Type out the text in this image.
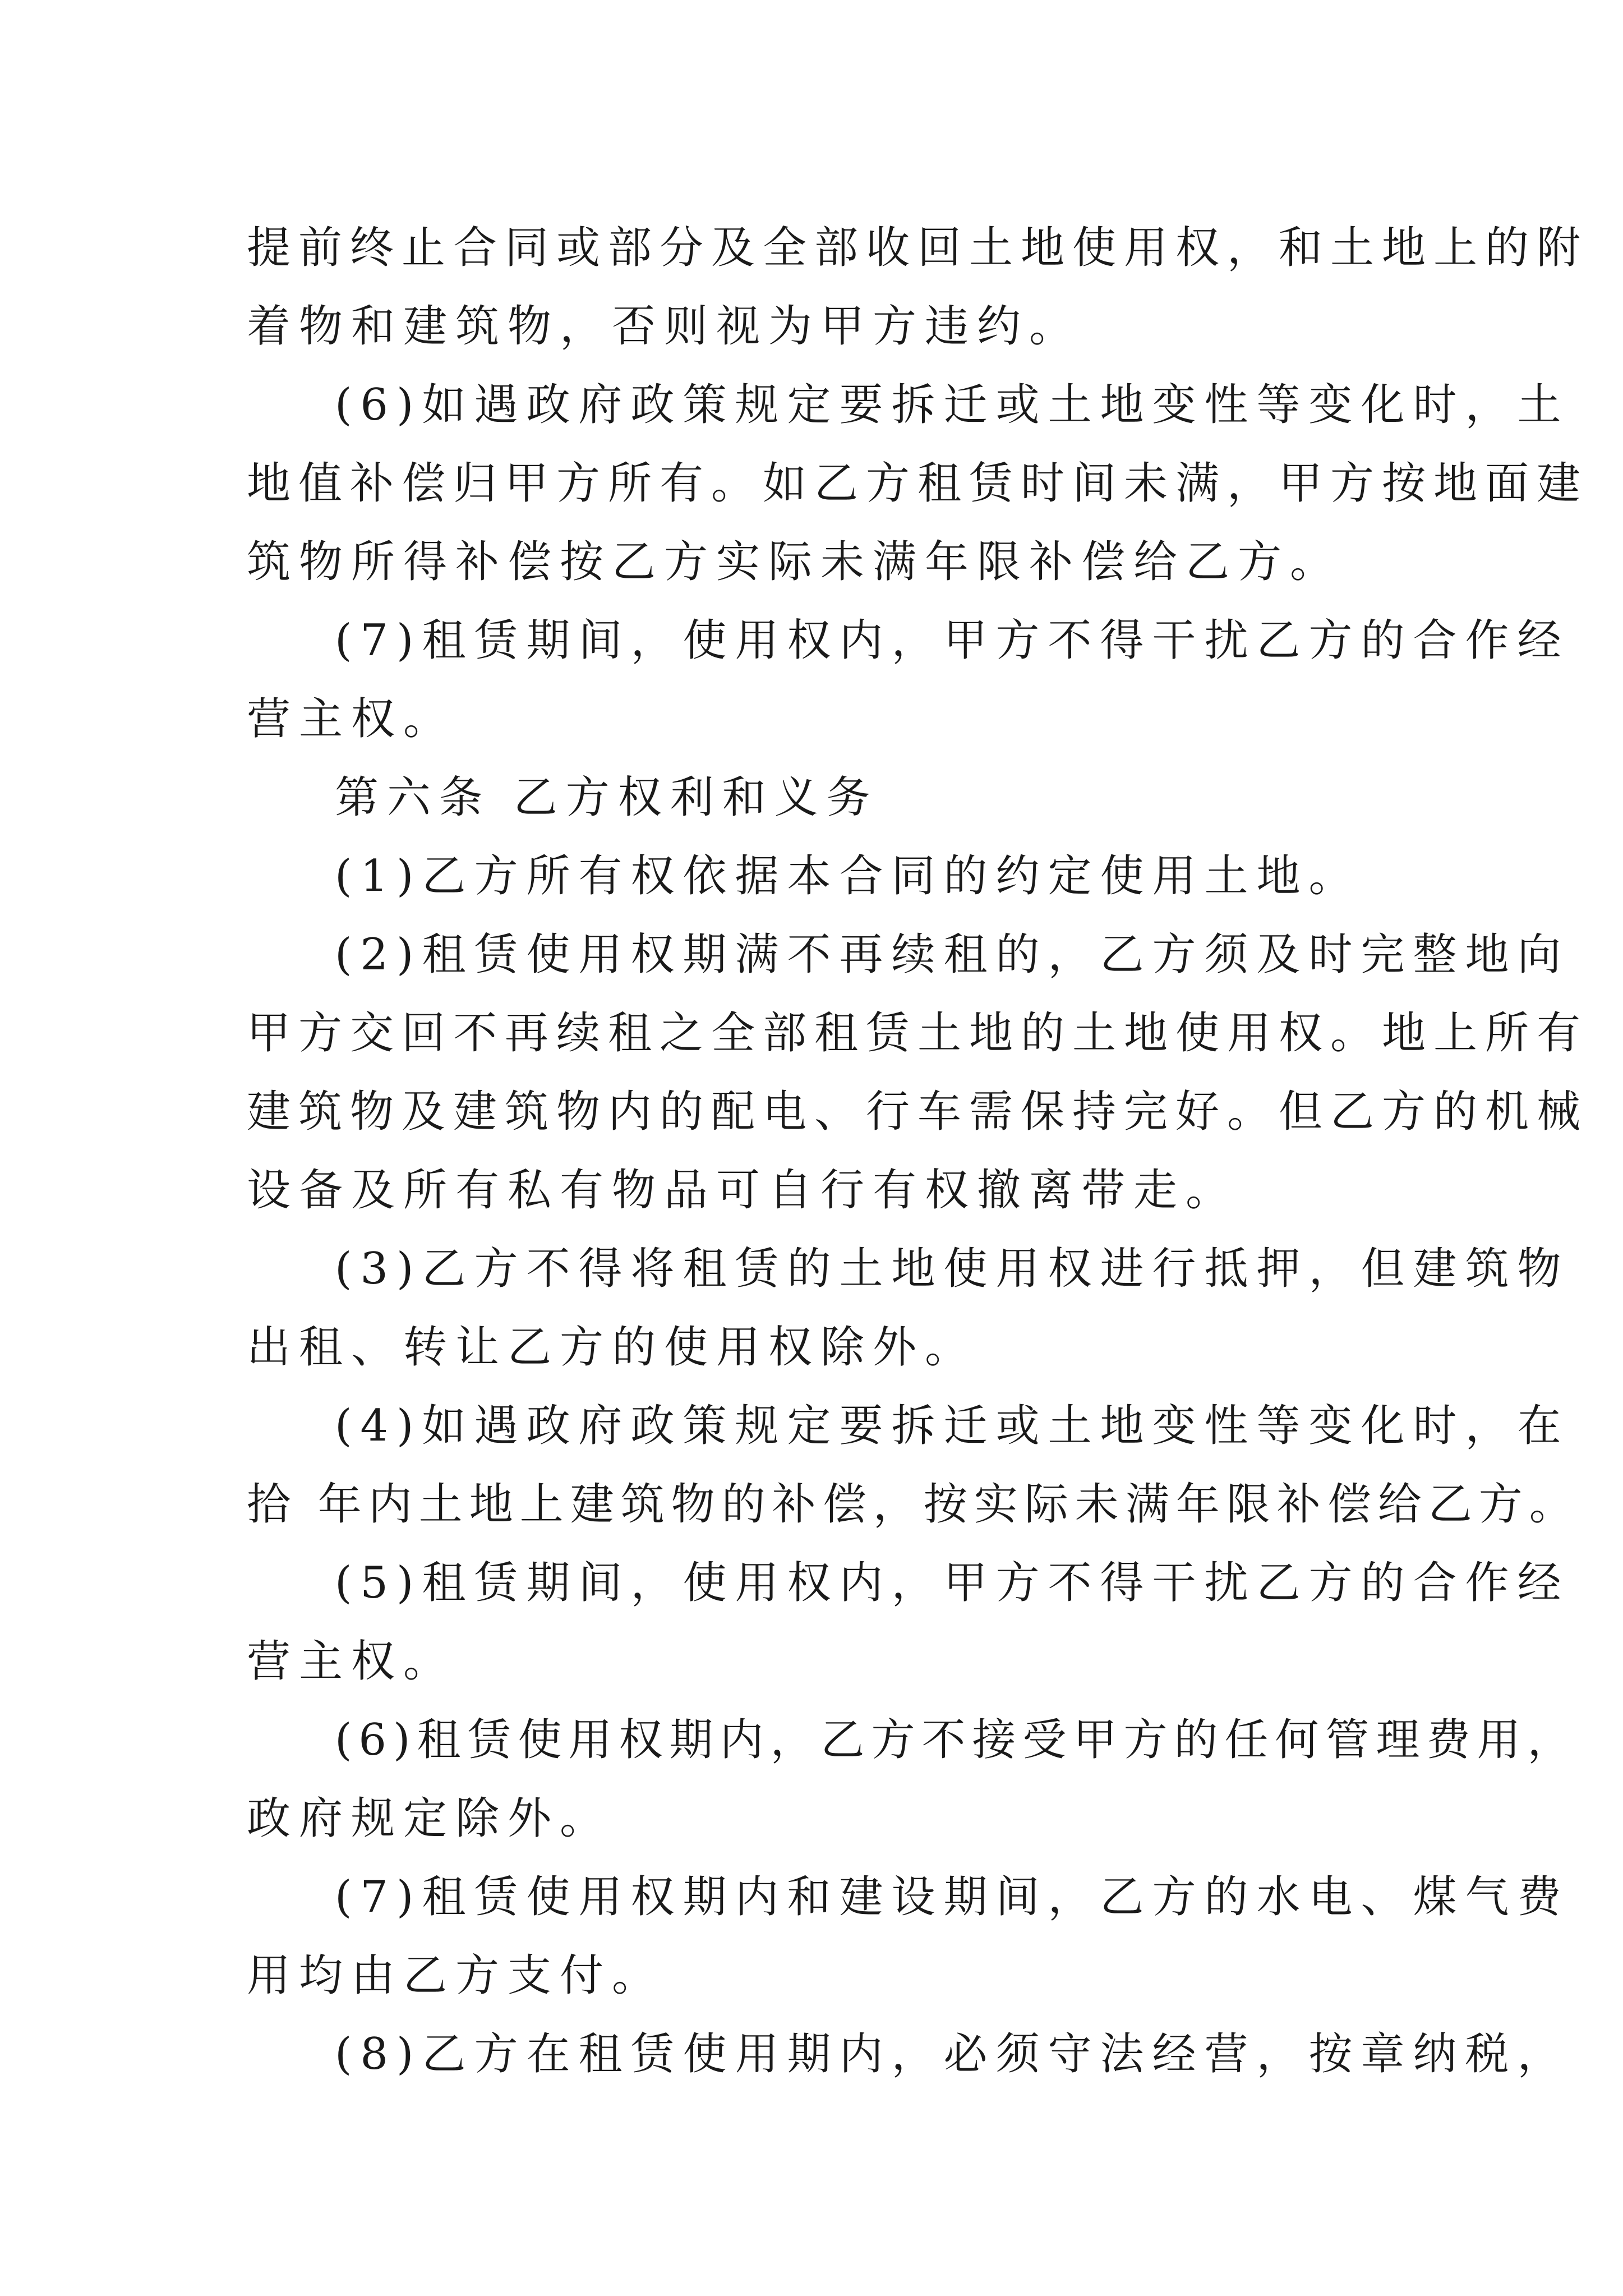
提前终止合同或部分及全部收回土地使用权，和土地上的附
着物和建筑物，否则视为甲方违约。
(6)如遇政府政策规定要拆迁或土地变性等变化时，土
地值补偿归甲方所有。如乙方租赁时间未满，甲方按地面建
筑物所得补偿按乙方实际未满年限补偿给乙方。
(7)租赁期间，使用权内，甲方不得干扰乙方的合作经
营主权。
第六条 乙方权利和义务
(1)乙方所有权依据本合同的约定使用土地。
(2)租赁使用权期满不再续租的，乙方须及时完整地向
甲方交回不再续租之全部租赁土地的土地使用权。地上所有
建筑物及建筑物内的配电、行车需保持完好。但乙方的机械
设备及所有私有物品可自行有权撤离带走。
(3)乙方不得将租赁的土地使用权进行抵押，但建筑物
出租、转让乙方的使用权除外。
(4)如遇政府政策规定要拆迁或土地变性等变化时，在
拾 年内土地上建筑物的补偿，按实际未满年限补偿给乙方。
(5)租赁期间，使用权内，甲方不得干扰乙方的合作经
营主权。
(6)租赁使用权期内，乙方不接受甲方的任何管理费用，
政府规定除外。
(7)租赁使用权期内和建设期间，乙方的水电、煤气费
用均由乙方支付。
(8)乙方在租赁使用期内，必须守法经营，按章纳税，
